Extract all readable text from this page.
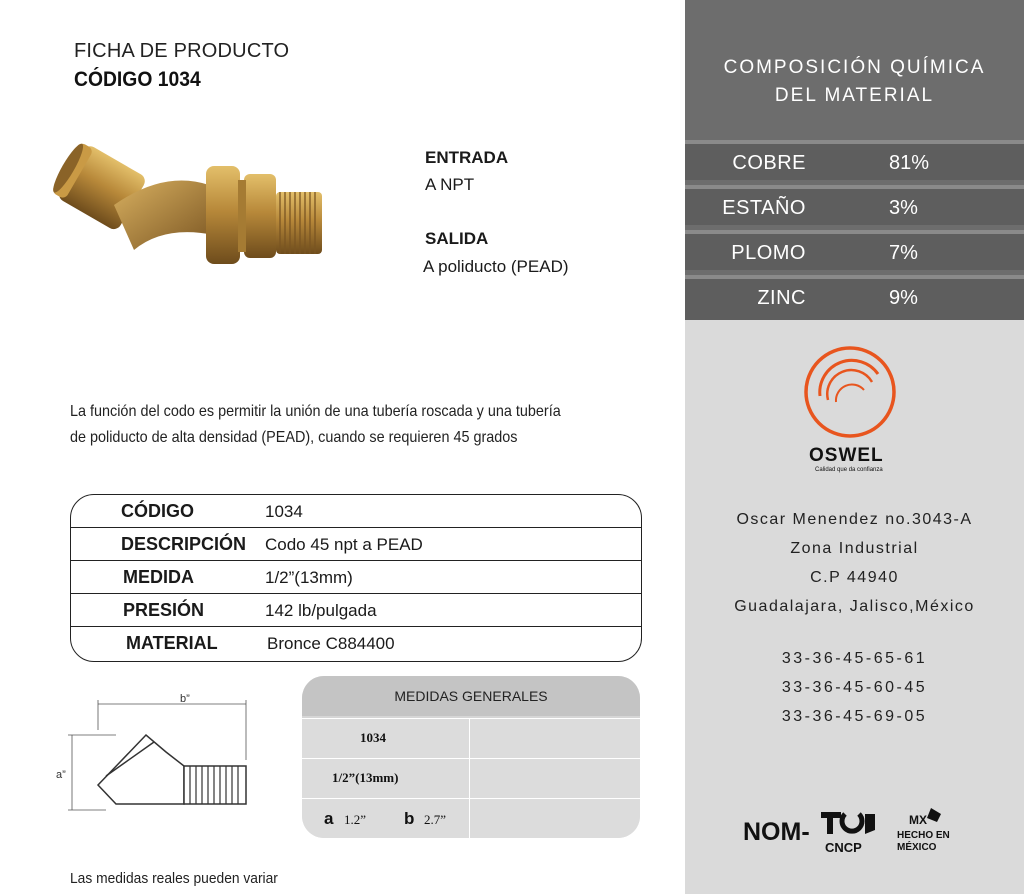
FICHA DE PRODUCTO
CÓDIGO 1034
ENTRADA
A NPT
SALIDA
A poliducto (PEAD)
La función del codo es permitir la unión de una tubería roscada y una tubería
de poliducto de alta densidad (PEAD), cuando se requieren 45 grados
CÓDIGO	1034
DESCRIPCIÓN Codo 45 npt a PEAD
MEDIDA	1/2”(13mm)
PRESIÓN	142 lb/pulgada
MATERIAL	Bronce C884400
b”
a”
MEDIDAS GENERALES
1034
1/2”(13mm)
a 1.2” b 2.7”
Las medidas reales pueden variar
COMPOSICIÓN QUÍMICA
DEL MATERIAL
COBRE	81%
ESTAÑO	3%
PLOMO	7%
ZINC	9%
OSWEL
Calidad que da confianza
Oscar Menendez no.3043-A
Zona Industrial
C.P 44940
Guadalajara, Jalisco,México
33-36-45-65-61
33-36-45-60-45
33-36-45-69-05
NOM-
CNCP
MX
HECHO EN
MÉXICO
